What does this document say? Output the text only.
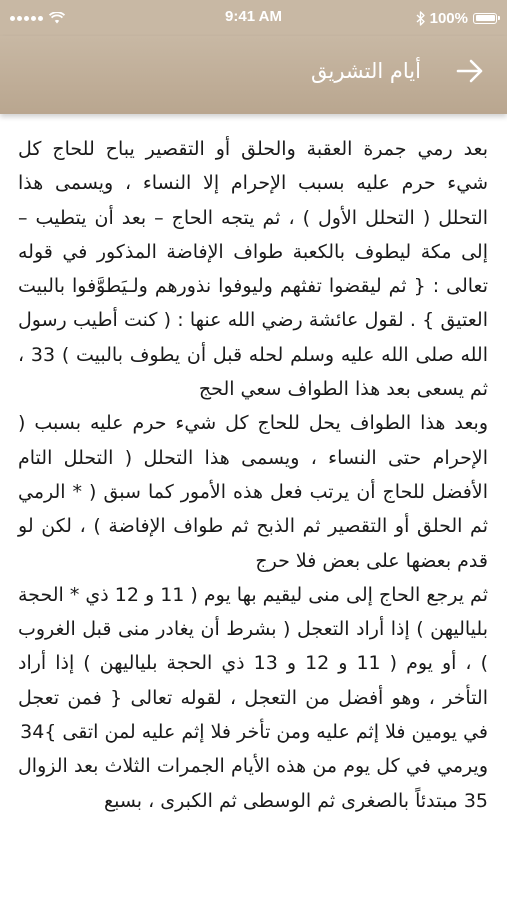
9:41 AM	100%
أيام التشريق

بعد رمي جمرة العقبة والحلق أو التقصير يباح للحاج كل شيء حرم عليه بسبب الإحرام إلا النساء ، ويسمى هذا التحلل ( التحلل الأول ) ، ثم يتجه الحاج – بعد أن يتطيب – إلى مكة ليطوف بالكعبة طواف الإفاضة المذكور في قوله تعالى : { ثم ليقضوا تفثهم وليوفوا نذورهم ولـيَطوَّفوا بالبيت العتيق } . لقول عائشة رضي الله عنها : ( كنت أطيب رسول الله صلى الله عليه وسلم لحله قبل أن يطوف بالبيت ) 33 ، ثم يسعى بعد هذا الطواف سعي الحج

وبعد هذا الطواف يحل للحاج كل شيء حرم عليه بسبب ( الإحرام حتى النساء ، ويسمى هذا التحلل ( التحلل التام الأفضل للحاج أن يرتب فعل هذه الأمور كما سبق ( * الرمي ثم الحلق أو التقصير ثم الذبح ثم طواف الإفاضة ) ، لكن لو قدم بعضها على بعض فلا حرج

ثم يرجع الحاج إلى منى ليقيم بها يوم ( 11 و 12 ذي * الحجة بلياليهن ) إذا أراد التعجل ( بشرط أن يغادر منى قبل الغروب ) ، أو يوم ( 11 و 12 و 13 ذي الحجة بلياليهن ) إذا أراد التأخر ، وهو أفضل من التعجل ، لقوله تعالى { فمن تعجل في يومين فلا إثم عليه ومن تأخر فلا إثم عليه لمن اتقى }34

ويرمي في كل يوم من هذه الأيام الجمرات الثلاث بعد الزوال 35 مبتدئاً بالصغرى ثم الوسطى ثم الكبرى ، بسبع
